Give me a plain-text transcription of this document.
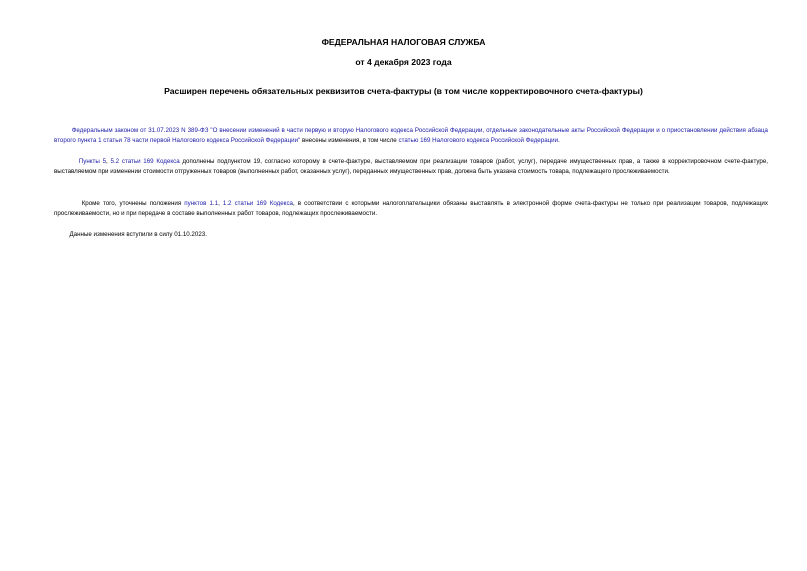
ФЕДЕРАЛЬНАЯ НАЛОГОВАЯ СЛУЖБА
от 4 декабря 2023 года
Расширен перечень обязательных реквизитов счета-фактуры (в том числе корректировочного счета-фактуры)
Федеральным законом от 31.07.2023 N 389-ФЗ "О внесении изменений в части первую и вторую Налогового кодекса Российской Федерации, отдельные законодательные акты Российской Федерации и о приостановлении действия абзаца второго пункта 1 статьи 78 части первой Налогового кодекса Российской Федерации" внесены изменения, в том числе статью 169 Налогового кодекса Российской Федерации.
Пункты 5, 5.2 статьи 169 Кодекса дополнены подпунктом 19, согласно которому в счете-фактуре, выставляемом при реализации товаров (работ, услуг), передаче имущественных прав, а также в корректировочном счете-фактуре, выставляемом при изменении стоимости отгруженных товаров (выполненных работ, оказанных услуг), переданных имущественных прав, должна быть указана стоимость товара, подлежащего прослеживаемости.
Кроме того, уточнены положения пунктов 1.1, 1.2 статьи 169 Кодекса, в соответствии с которыми налогоплательщики обязаны выставлять в электронной форме счета-фактуры не только при реализации товаров, подлежащих прослеживаемости, но и при передаче в составе выполненных работ товаров, подлежащих прослеживаемости.
Данные изменения вступили в силу 01.10.2023.
